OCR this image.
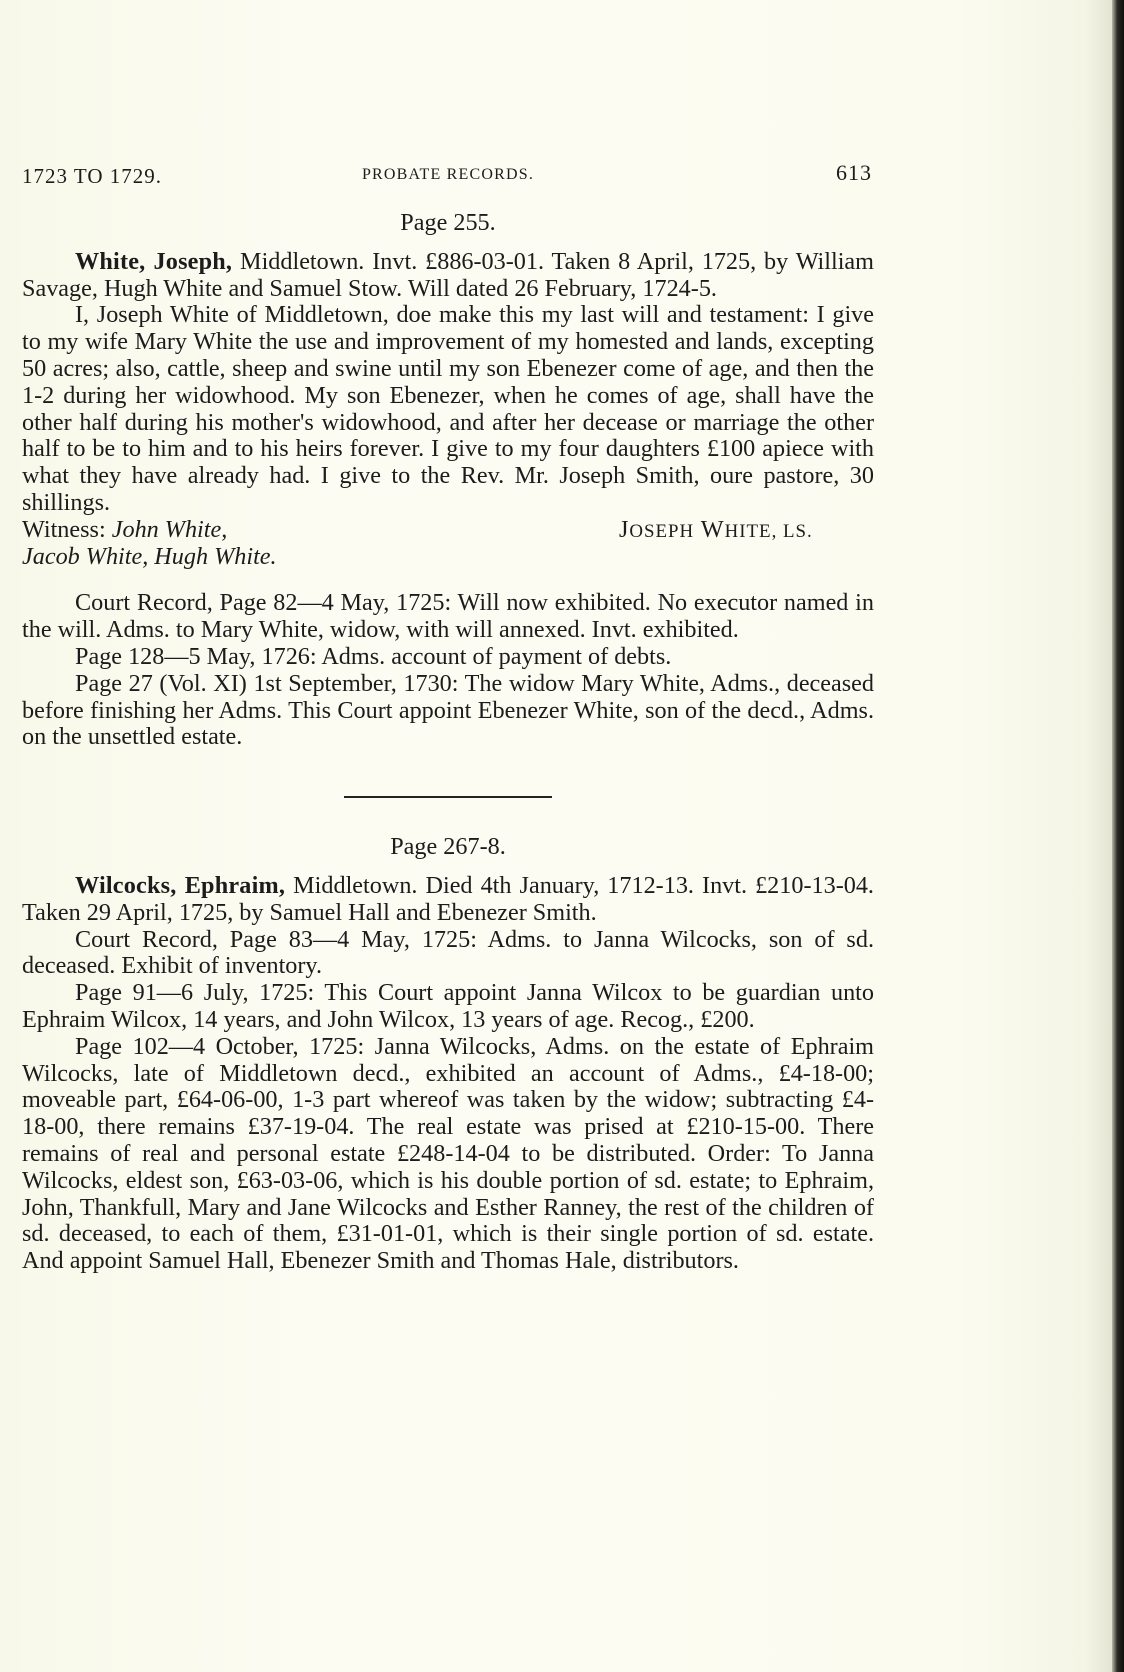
1723 TO 1729.	PROBATE RECORDS.	613
Page 255.

White, Joseph, Middletown. Invt. £886-03-01. Taken 8 April, 1725, by William Savage, Hugh White and Samuel Stow. Will dated 26 February, 1724-5.

I, Joseph White of Middletown, doe make this my last will and testament: I give to my wife Mary White the use and improvement of my homested and lands, excepting 50 acres; also, cattle, sheep and swine until my son Ebenezer come of age, and then the 1-2 during her widowhood. My son Ebenezer, when he comes of age, shall have the other half during his mother's widowhood, and after her decease or marriage the other half to be to him and to his heirs forever. I give to my four daughters £100 apiece with what they have already had. I give to the Rev. Mr. Joseph Smith, oure pastore, 30 shillings.

Witness: John White,	JOSEPH WHITE, LS.

Jacob White, Hugh White.

Court Record, Page 82—4 May, 1725: Will now exhibited. No executor named in the will. Adms. to Mary White, widow, with will annexed. Invt. exhibited.

Page 128—5 May, 1726: Adms. account of payment of debts.

Page 27 (Vol. XI) 1st September, 1730: The widow Mary White, Adms., deceased before finishing her Adms. This Court appoint Ebenezer White, son of the decd., Adms. on the unsettled estate.

Page 267-8.

Wilcocks, Ephraim, Middletown. Died 4th January, 1712-13. Invt. £210-13-04. Taken 29 April, 1725, by Samuel Hall and Ebenezer Smith.

Court Record, Page 83—4 May, 1725: Adms. to Janna Wilcocks, son of sd. deceased. Exhibit of inventory.

Page 91—6 July, 1725: This Court appoint Janna Wilcox to be guardian unto Ephraim Wilcox, 14 years, and John Wilcox, 13 years of age. Recog., £200.

Page 102—4 October, 1725: Janna Wilcocks, Adms. on the estate of Ephraim Wilcocks, late of Middletown decd., exhibited an account of Adms., £4-18-00; moveable part, £64-06-00, 1-3 part whereof was taken by the widow; subtracting £4-18-00, there remains £37-19-04. The real estate was prised at £210-15-00. There remains of real and personal estate £248-14-04 to be distributed. Order: To Janna Wilcocks, eldest son, £63-03-06, which is his double portion of sd. estate; to Ephraim, John, Thankfull, Mary and Jane Wilcocks and Esther Ranney, the rest of the children of sd. deceased, to each of them, £31-01-01, which is their single portion of sd. estate. And appoint Samuel Hall, Ebenezer Smith and Thomas Hale, distributors.
